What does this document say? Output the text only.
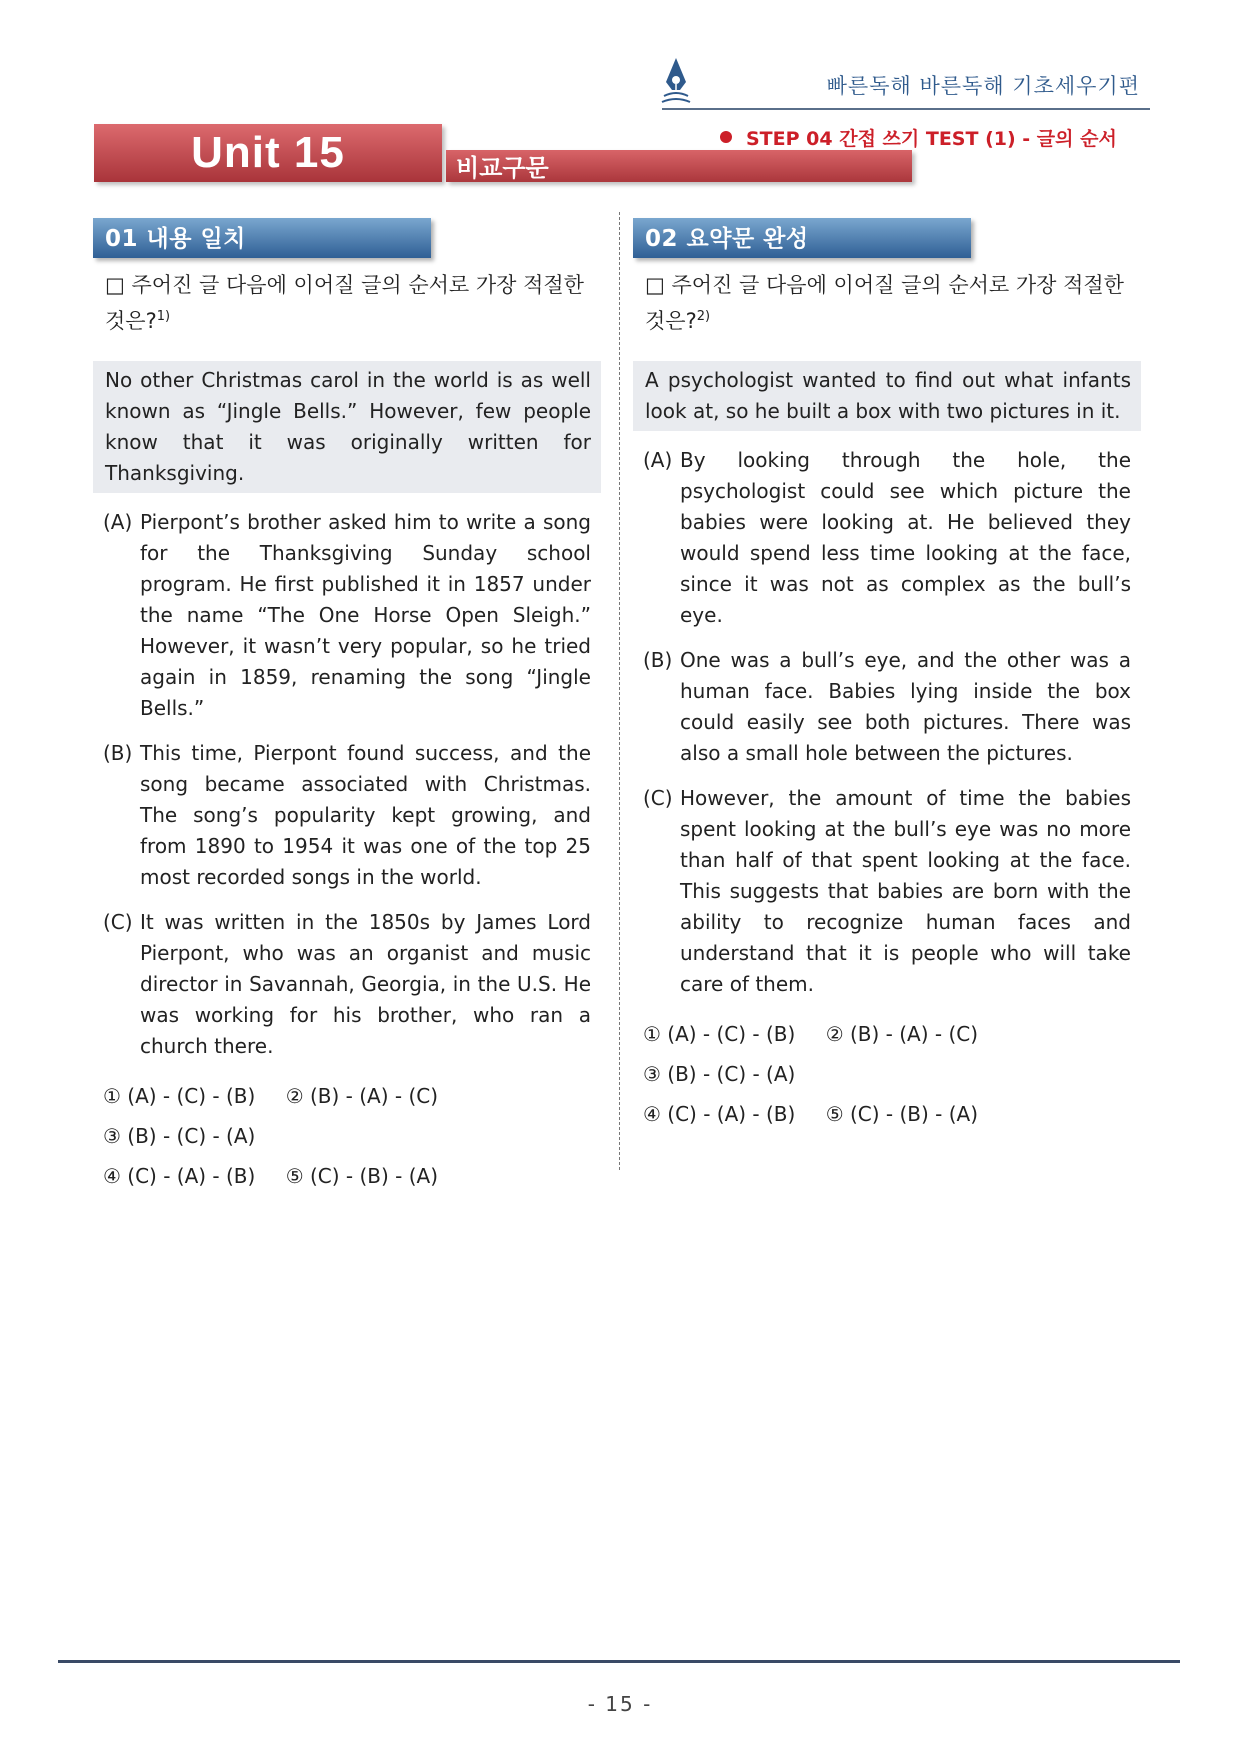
빠른독해 바른독해 기초세우기편
Unit 15	비교구문
STEP 04 간접 쓰기 TEST (1) - 글의 순서
01 내용 일치
□ 주어진 글 다음에 이어질 글의 순서로 가장 적절한 것은?$^{1)}$
No other Christmas carol in the world is as well known as “Jingle Bells.” However, few people know that it was originally written for Thanksgiving.
(A) Pierpont’s brother asked him to write a song for the Thanksgiving Sunday school program. He first published it in 1857 under the name “The One Horse Open Sleigh.” However, it wasn’t very popular, so he tried again in 1859, renaming the song “Jingle Bells.”
(B) This time, Pierpont found success, and the song became associated with Christmas. The song’s popularity kept growing, and from 1890 to 1954 it was one of the top 25 most recorded songs in the world.
(C) It was written in the 1850s by James Lord Pierpont, who was an organist and music director in Savannah, Georgia, in the U.S. He was working for his brother, who ran a church there.
① (A) - (C) - (B) ② (B) - (A) - (C) ③ (B) - (C) - (A)
④ (C) - (A) - (B) ⑤ (C) - (B) - (A)
02 요약문 완성
□ 주어진 글 다음에 이어질 글의 순서로 가장 적절한 것은?$^{2)}$
A psychologist wanted to find out what infants look at, so he built a box with two pictures in it.
(A) By looking through the hole, the psychologist could see which picture the babies were looking at. He believed they would spend less time looking at the face, since it was not as complex as the bull’s eye.
(B) One was a bull’s eye, and the other was a human face. Babies lying inside the box could easily see both pictures. There was also a small hole between the pictures.
(C) However, the amount of time the babies spent looking at the bull’s eye was no more than half of that spent looking at the face. This suggests that babies are born with the ability to recognize human faces and understand that it is people who will take care of them.
① (A) - (C) - (B) ② (B) - (A) - (C) ③ (B) - (C) - (A)
④ (C) - (A) - (B) ⑤ (C) - (B) - (A)
- 15 -
